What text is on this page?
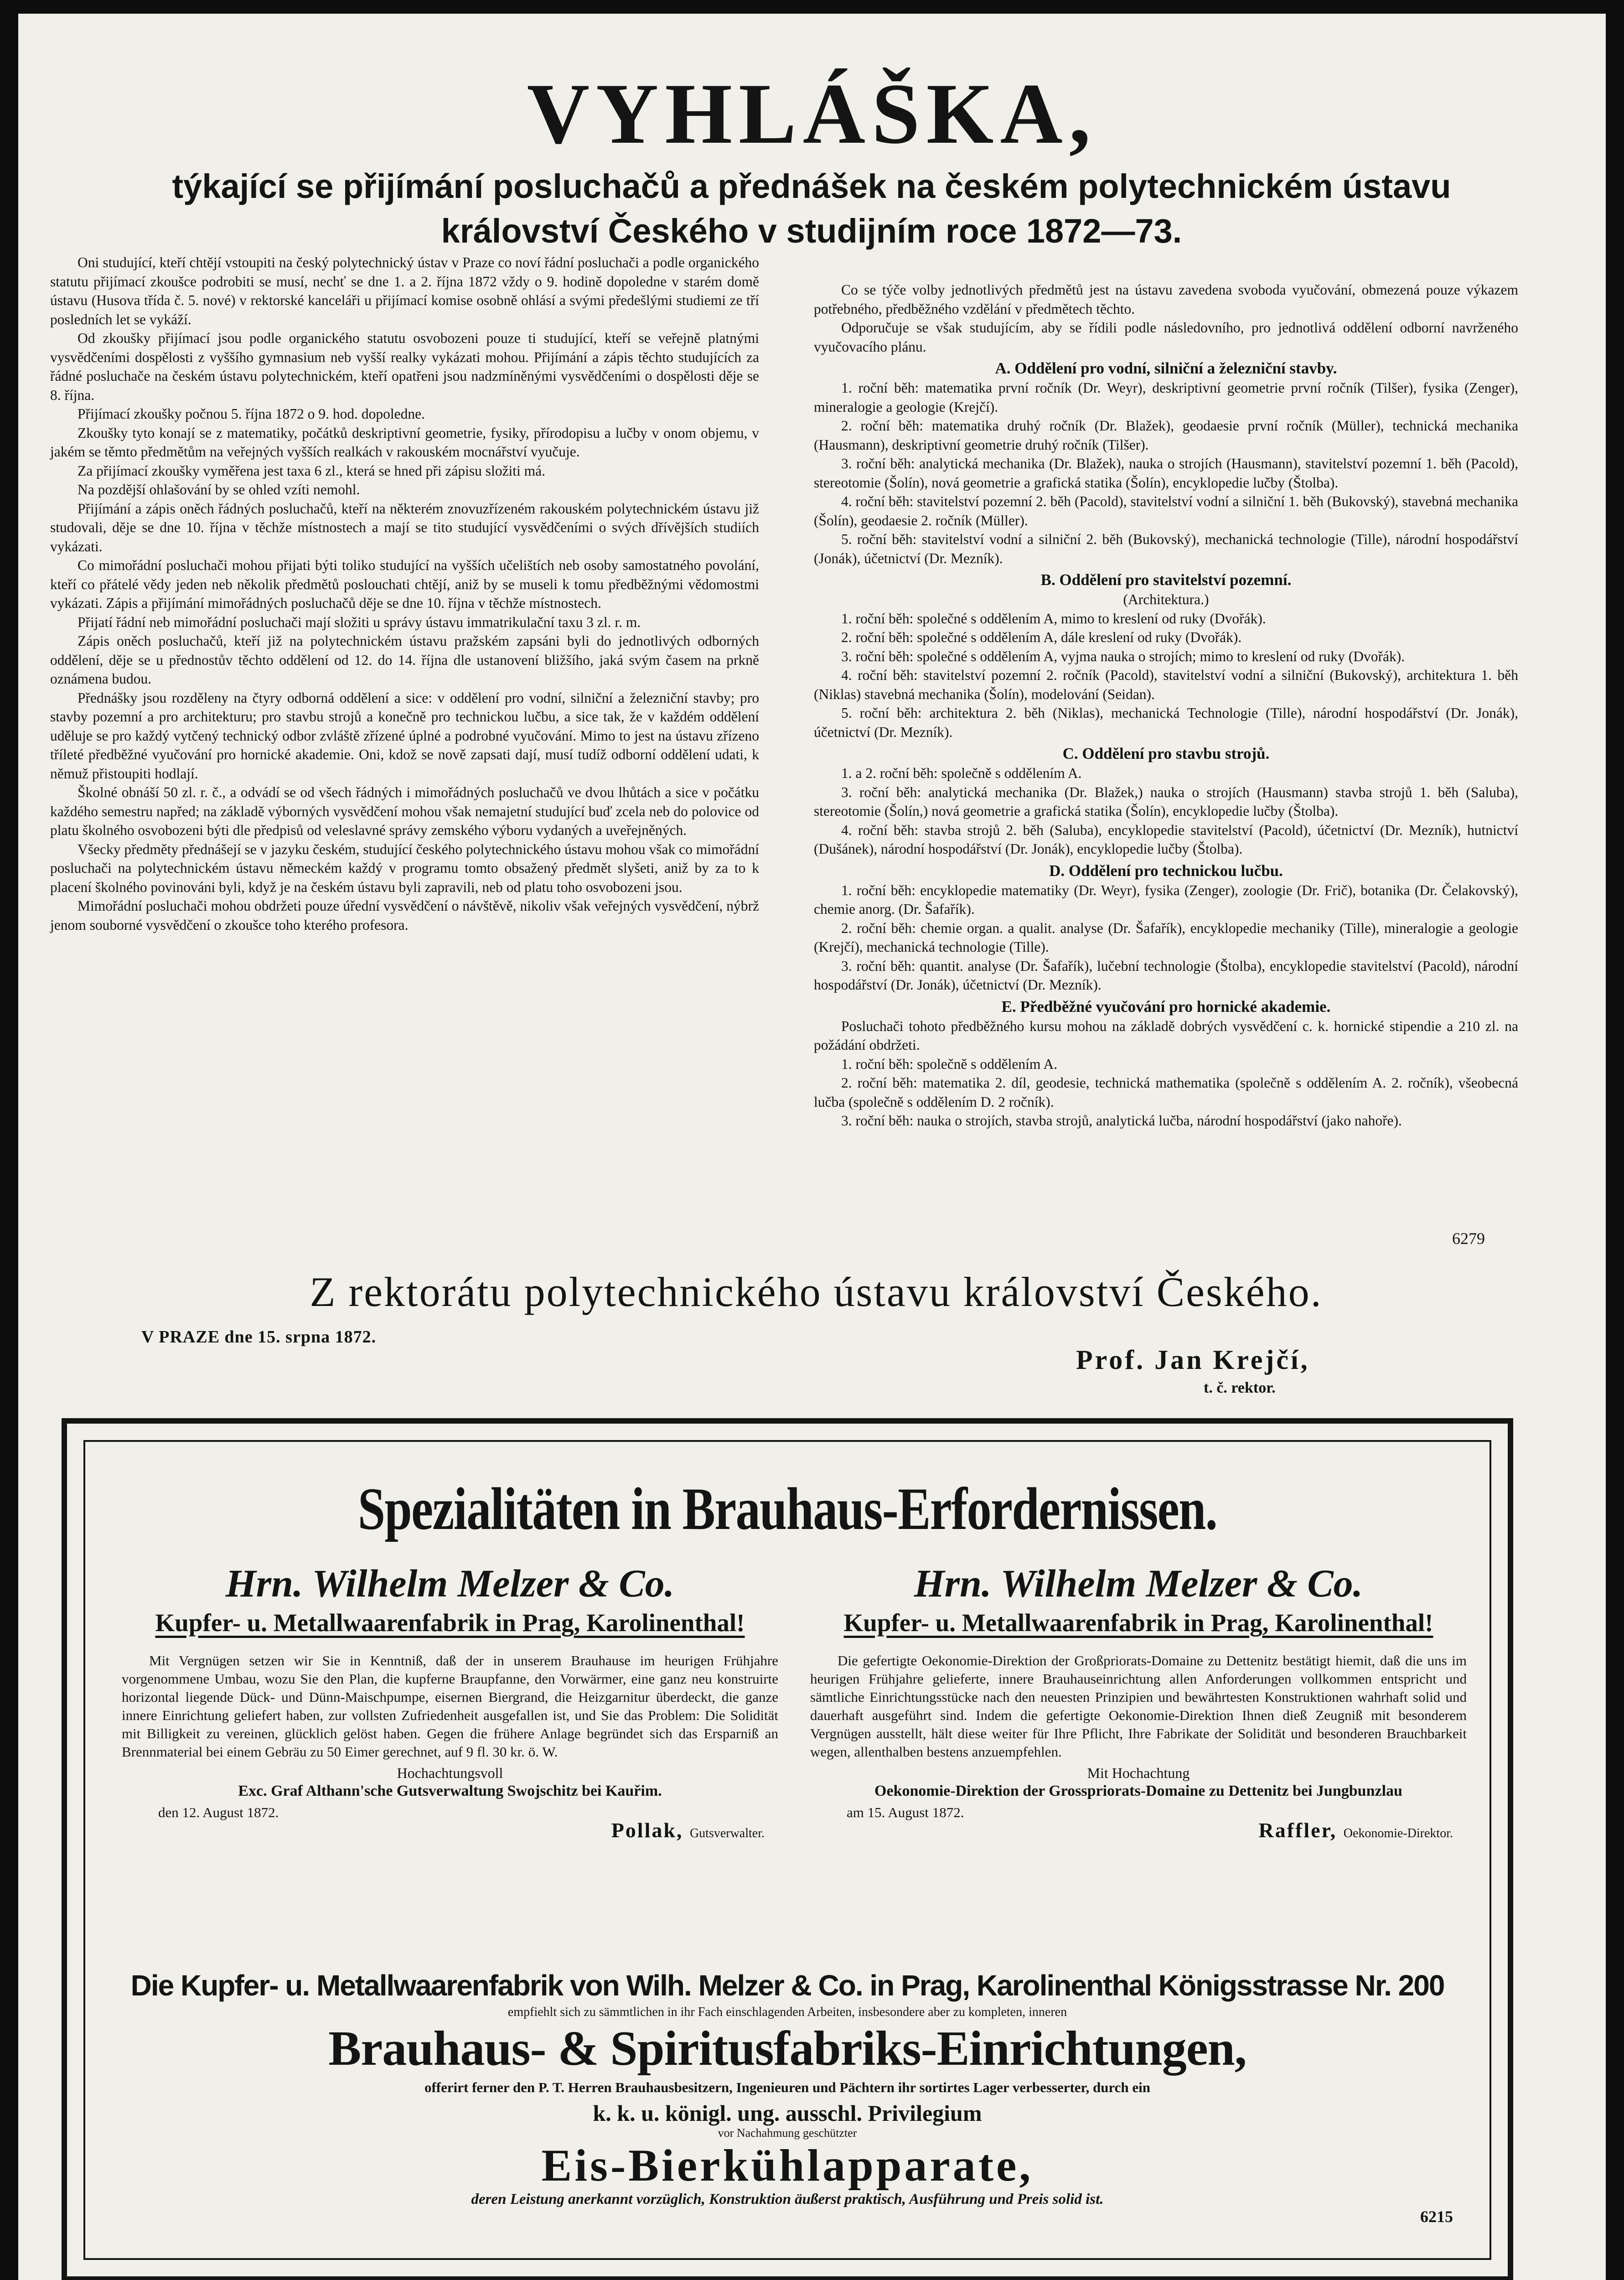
VYHLÁŠKA,
týkající se přijímání posluchačů a přednášek na českém polytechnickém ústavu
království Českého v studijním roce 1872—73.

Oni studující, kteří chtějí vstoupiti na český polytechnický ústav v Praze co noví řádní posluchači a podle organického statutu přijímací zkoušce podrobiti se musí, nechť se dne 1. a 2. října 1872 vždy o 9. hodině dopoledne v starém domě ústavu (Husova třída č. 5. nové) v rektorské kanceláři u přijímací komise osobně ohlásí a svými předešlými studiemi ze tří posledních let se vykáží.

Od zkoušky přijímací jsou podle organického statutu osvobozeni pouze ti studující, kteří se veřejně platnými vysvědčeními dospělosti z vyššího gymnasium neb vyšší realky vykázati mohou. Přijímání a zápis těchto studujících za řádné posluchače na českém ústavu polytechnickém, kteří opatřeni jsou nadzmíněnými vysvědčeními o dospělosti děje se 8. října.

Přijímací zkoušky počnou 5. října 1872 o 9. hod. dopoledne.

Zkoušky tyto konají se z matematiky, počátků deskriptivní geometrie, fysiky, přírodopisu a lučby v onom objemu, v jakém se těmto předmětům na veřejných vyšších realkách v rakouském mocnářství vyučuje.

Za přijímací zkoušky vyměřena jest taxa 6 zl., která se hned při zápisu složiti má.

Na pozdější ohlašování by se ohled vzíti nemohl.

Přijímání a zápis oněch řádných posluchačů, kteří na některém znovuzřízeném rakouském polytechnickém ústavu již studovali, děje se dne 10. října v těchže místnostech a mají se tito studující vysvědčeními o svých dřívějších studiích vykázati.

Co mimořádní posluchači mohou přijati býti toliko studující na vyšších učelištích neb osoby samostatného povolání, kteří co přátelé vědy jeden neb několik předmětů poslouchati chtějí, aniž by se museli k tomu předběžnými vědomostmi vykázati. Zápis a přijímání mimořádných posluchačů děje se dne 10. října v těchže místnostech.

Přijatí řádní neb mimořádní posluchači mají složiti u správy ústavu immatrikulační taxu 3 zl. r. m.

Zápis oněch posluchačů, kteří již na polytechnickém ústavu pražském zapsáni byli do jednotlivých odborných oddělení, děje se u přednostův těchto oddělení od 12. do 14. října dle ustanovení bližšího, jaká svým časem na prkně oznámena budou.

Přednášky jsou rozděleny na čtyry odborná oddělení a sice: v oddělení pro vodní, silniční a železniční stavby; pro stavby pozemní a pro architekturu; pro stavbu strojů a konečně pro technickou lučbu, a sice tak, že v každém oddělení uděluje se pro každý vytčený technický odbor zvláště zřízené úplné a podrobné vyučování. Mimo to jest na ústavu zřízeno tříleté předběžné vyučování pro hornické akademie. Oni, kdož se nově zapsati dají, musí tudíž odborní oddělení udati, k němuž přistoupiti hodlají.

Školné obnáší 50 zl. r. č., a odvádí se od všech řádných i mimořádných posluchačů ve dvou lhůtách a sice v počátku každého semestru napřed; na základě výborných vysvědčení mohou však nemajetní studující buď zcela neb do polovice od platu školného osvobozeni býti dle předpisů od veleslavné správy zemského výboru vydaných a uveřejněných.

Všecky předměty přednášejí se v jazyku českém, studující českého polytechnického ústavu mohou však co mimořádní posluchači na polytechnickém ústavu německém každý v programu tomto obsažený předmět slyšeti, aniž by za to k placení školného povinováni byli, když je na českém ústavu byli zapravili, neb od platu toho osvobozeni jsou.

Mimořádní posluchači mohou obdržeti pouze úřední vysvědčení o návštěvě, nikoliv však veřejných vysvědčení, nýbrž jenom souborné vysvědčení o zkoušce toho kterého profesora.

Co se týče volby jednotlivých předmětů jest na ústavu zavedena svoboda vyučování, obmezená pouze výkazem potřebného, předběžného vzdělání v předmětech těchto.

Odporučuje se však studujícím, aby se řídili podle následovního, pro jednotlivá oddělení odborní navrženého vyučovacího plánu.

A. Oddělení pro vodní, silniční a železniční stavby.

1. roční běh: matematika první ročník (Dr. Weyr), deskriptivní geometrie první ročník (Tilšer), fysika (Zenger), mineralogie a geologie (Krejčí).

2. roční běh: matematika druhý ročník (Dr. Blažek), geodaesie první ročník (Müller), technická mechanika (Hausmann), deskriptivní geometrie druhý ročník (Tilšer).

3. roční běh: analytická mechanika (Dr. Blažek), nauka o strojích (Hausmann), stavitelství pozemní 1. běh (Pacold), stereotomie (Šolín), nová geometrie a grafická statika (Šolín), encyklopedie lučby (Štolba).

4. roční běh: stavitelství pozemní 2. běh (Pacold), stavitelství vodní a silniční 1. běh (Bukovský), stavebná mechanika (Šolín), geodaesie 2. ročník (Müller).

5. roční běh: stavitelství vodní a silniční 2. běh (Bukovský), mechanická technologie (Tille), národní hospodářství (Jonák), účetnictví (Dr. Mezník).

B. Oddělení pro stavitelství pozemní.

(Architektura.)

1. roční běh: společné s oddělením A, mimo to kreslení od ruky (Dvořák).

2. roční běh: společné s oddělením A, dále kreslení od ruky (Dvořák).

3. roční běh: společné s oddělením A, vyjma nauka o strojích; mimo to kreslení od ruky (Dvořák).

4. roční běh: stavitelství pozemní 2. ročník (Pacold), stavitelství vodní a silniční (Bukovský), architektura 1. běh (Niklas) stavebná mechanika (Šolín), modelování (Seidan).

5. roční běh: architektura 2. běh (Niklas), mechanická Technologie (Tille), národní hospodářství (Dr. Jonák), účetnictví (Dr. Mezník).

C. Oddělení pro stavbu strojů.

1. a 2. roční běh: společně s oddělením A.

3. roční běh: analytická mechanika (Dr. Blažek,) nauka o strojích (Hausmann) stavba strojů 1. běh (Saluba), stereotomie (Šolín,) nová geometrie a grafická statika (Šolín), encyklopedie lučby (Štolba).

4. roční běh: stavba strojů 2. běh (Saluba), encyklopedie stavitelství (Pacold), účetnictví (Dr. Mezník), hutnictví (Dušánek), národní hospodářství (Dr. Jonák), encyklopedie lučby (Štolba).

D. Oddělení pro technickou lučbu.

1. roční běh: encyklopedie matematiky (Dr. Weyr), fysika (Zenger), zoologie (Dr. Frič), botanika (Dr. Čelakovský), chemie anorg. (Dr. Šafařík).

2. roční běh: chemie organ. a qualit. analyse (Dr. Šafařík), encyklopedie mechaniky (Tille), mineralogie a geologie (Krejčí), mechanická technologie (Tille).

3. roční běh: quantit. analyse (Dr. Šafařík), lučební technologie (Štolba), encyklopedie stavitelství (Pacold), národní hospodářství (Dr. Jonák), účetnictví (Dr. Mezník).

E. Předběžné vyučování pro hornické akademie.

Posluchači tohoto předběžného kursu mohou na základě dobrých vysvědčení c. k. hornické stipendie a 210 zl. na požádání obdržeti.

1. roční běh: společně s oddělením A.

2. roční běh: matematika 2. díl, geodesie, technická mathematika (společně s oddělením A. 2. ročník), všeobecná lučba (společně s oddělením D. 2 ročník).

3. roční běh: nauka o strojích, stavba strojů, analytická lučba, národní hospodářství (jako nahoře).

6279
Z rektorátu polytechnického ústavu království Českého.
V PRAZE dne 15. srpna 1872.
Prof. Jan Krejčí,
t. č. rektor.
Spezialitäten in Brauhaus-Erfordernissen.
Hrn. Wilhelm Melzer & Co.
Kupfer- u. Metallwaarenfabrik in Prag, Karolinenthal!
Mit Vergnügen setzen wir Sie in Kenntniß, daß der in unserem Brauhause im heurigen Frühjahre vorgenommene Umbau, wozu Sie den Plan, die kupferne Braupfanne, den Vorwärmer, eine ganz neu konstruirte horizontal liegende Dück- und Dünn-Maischpumpe, eisernen Biergrand, die Heizgarnitur überdeckt, die ganze innere Einrichtung geliefert haben, zur vollsten Zufriedenheit ausgefallen ist, und Sie das Problem: Die Solidität mit Billigkeit zu vereinen, glücklich gelöst haben. Gegen die frühere Anlage begründet sich das Ersparniß an Brennmaterial bei einem Gebräu zu 50 Eimer gerechnet, auf 9 fl. 30 kr. ö. W.
Hochachtungsvoll
Exc. Graf Althann'sche Gutsverwaltung Swojschitz bei Kauřim.
den 12. August 1872.
Pollak, Gutsverwalter.
Hrn. Wilhelm Melzer & Co.
Kupfer- u. Metallwaarenfabrik in Prag, Karolinenthal!
Die gefertigte Oekonomie-Direktion der Großpriorats-Domaine zu Dettenitz bestätigt hiemit, daß die uns im heurigen Frühjahre gelieferte, innere Brauhauseinrichtung allen Anforderungen vollkommen entspricht und sämtliche Einrichtungsstücke nach den neuesten Prinzipien und bewährtesten Konstruktionen wahrhaft solid und dauerhaft ausgeführt sind. Indem die gefertigte Oekonomie-Direktion Ihnen dieß Zeugniß mit besonderem Vergnügen ausstellt, hält diese weiter für Ihre Pflicht, Ihre Fabrikate der Solidität und besonderen Brauchbarkeit wegen, allenthalben bestens anzuempfehlen.
Mit Hochachtung
Oekonomie-Direktion der Grosspriorats-Domaine zu Dettenitz bei Jungbunzlau
am 15. August 1872.
Raffler, Oekonomie-Direktor.
Die Kupfer- u. Metallwaarenfabrik von Wilh. Melzer & Co. in Prag, Karolinenthal Königsstrasse Nr. 200
empfiehlt sich zu sämmtlichen in ihr Fach einschlagenden Arbeiten, insbesondere aber zu kompleten, inneren
Brauhaus- & Spiritusfabriks-Einrichtungen,
offerirt ferner den P. T. Herren Brauhausbesitzern, Ingenieuren und Pächtern ihr sortirtes Lager verbesserter, durch ein
k. k. u. königl. ung. ausschl. Privilegium
vor Nachahmung geschützter
Eis-Bierkühlapparate,
deren Leistung anerkannt vorzüglich, Konstruktion äußerst praktisch, Ausführung und Preis solid ist.
6215
